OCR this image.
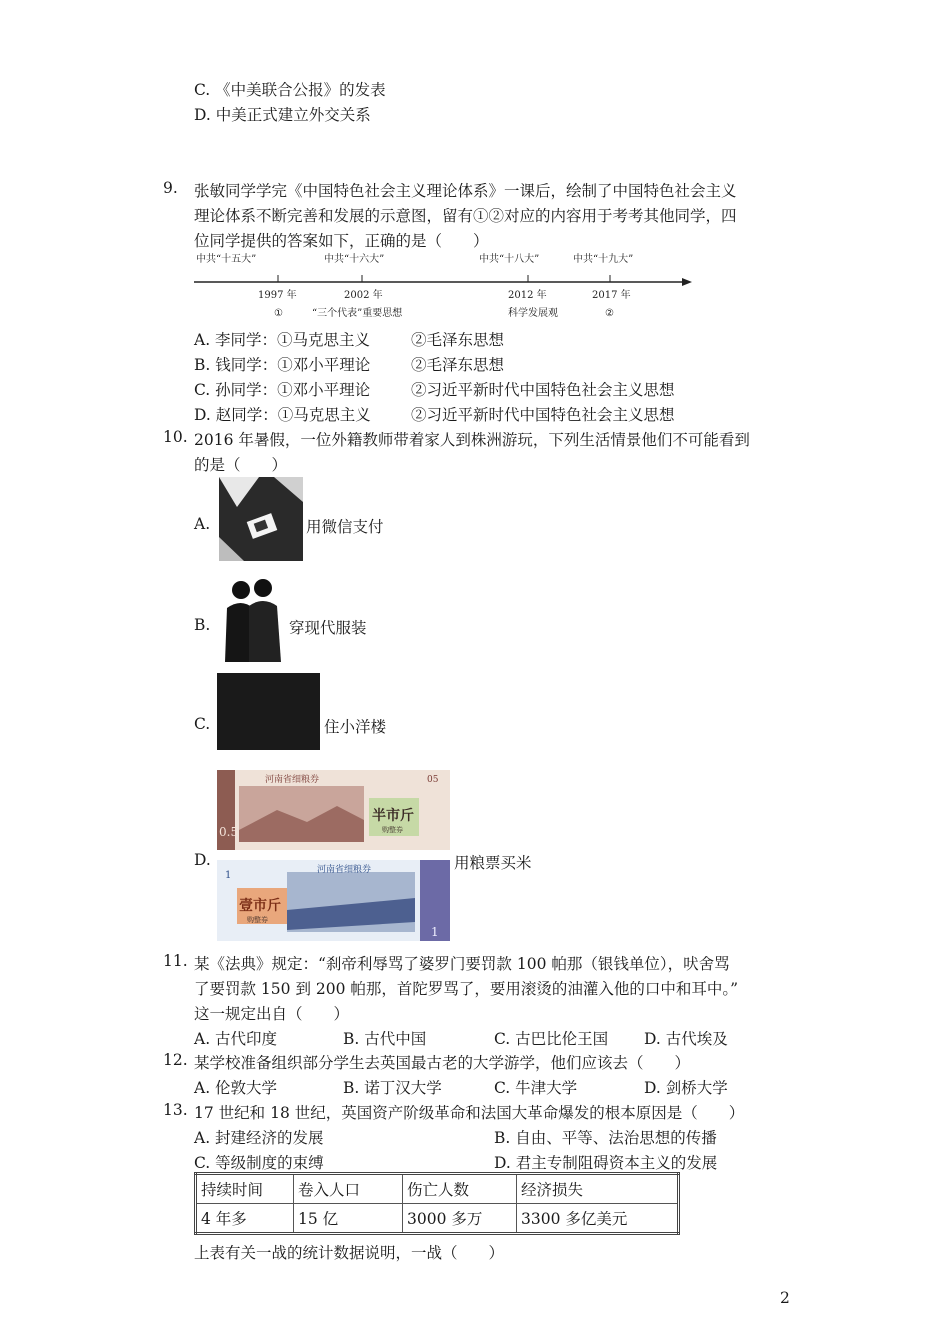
C. 《中美联合公报》的发表
D. 中美正式建立外交关系
9. 张敏同学学完《中国特色社会主义理论体系》一课后，绘制了中国特色社会主义
理论体系不断完善和发展的示意图，留有①②对应的内容用于考考其他同学，四
位同学提供的答案如下，正确的是（　　）
中共“十五大”	中共“十六大”	中共“十八大”	中共“十九大”
1997 年	2002 年	2012 年	2017 年
①	“三个代表”重要思想	科学发展观	②
A. 李同学：①马克思主义	②毛泽东思想
B. 钱同学：①邓小平理论	②毛泽东思想
C. 孙同学：①邓小平理论	②习近平新时代中国特色社会主义思想
D. 赵同学：①马克思主义	②习近平新时代中国特色社会主义思想
10. 2016 年暑假，一位外籍教师带着家人到株洲游玩，下列生活情景他们不可能看到
的是（　　）
A.	用微信支付
B.	穿现代服装
C.	住小洋楼
D.
河南省细粮券
半市斤
购整券
05
0.5
河南省细粮券
壹市斤
购整券
1
1
用粮票买米
11. 某《法典》规定：“刹帝利辱骂了婆罗门要罚款 100 帕那（银钱单位），吠舍骂
了要罚款 150 到 200 帕那，首陀罗骂了，要用滚烫的油灌入他的口中和耳中。”
这一规定出自（　　）
A. 古代印度	B. 古代中国	C. 古巴比伦王国 D. 古代埃及
12. 某学校准备组织部分学生去英国最古老的大学游学，他们应该去（　　）
A. 伦敦大学	B. 诺丁汉大学	C. 牛津大学	D. 剑桥大学
13. 17 世纪和 18 世纪，英国资产阶级革命和法国大革命爆发的根本原因是（　　）
A. 封建经济的发展	B. 自由、平等、法治思想的传播
C. 等级制度的束缚	D. 君主专制阻碍资本主义的发展
持续时间	卷入人口	伤亡人数	经济损失
4 年多	15 亿	3000 多万	3300 多亿美元
上表有关一战的统计数据说明，一战（　　）
2
